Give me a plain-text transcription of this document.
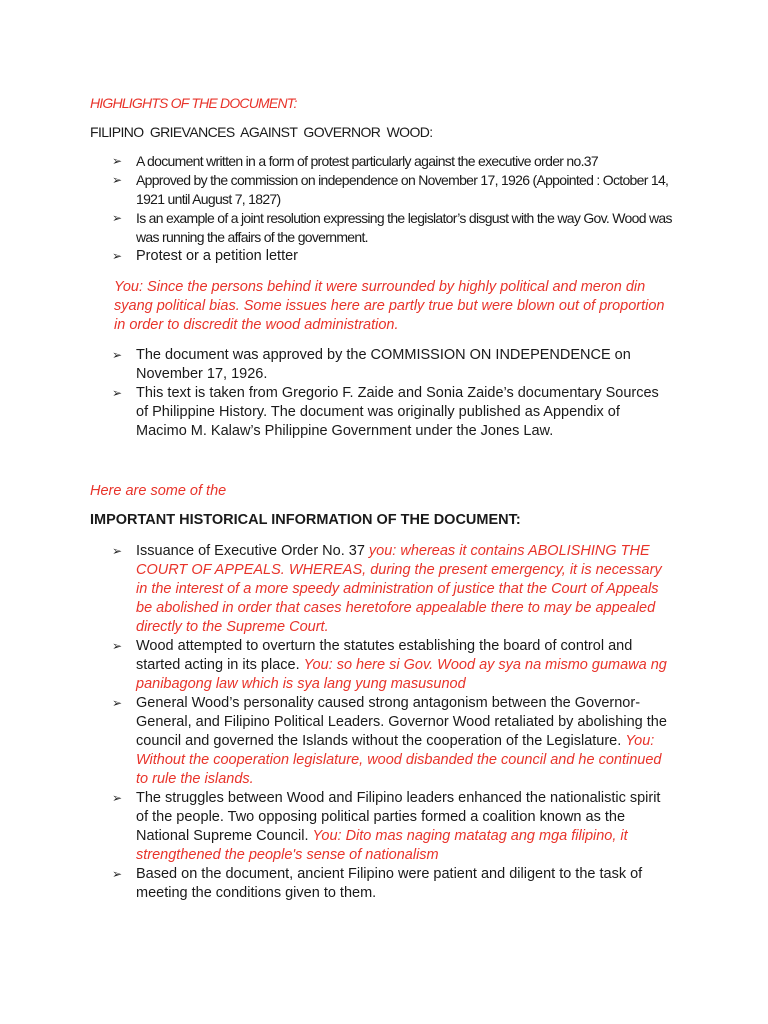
HIGHLIGHTS OF THE DOCUMENT:
FILIPINO GRIEVANCES AGAINST GOVERNOR WOOD:
➢ A document written in a form of protest particularly against the executive order no.37
➢ Approved by the commission on independence on November 17, 1926 (Appointed : October 14, 1921 until August 7, 1827)
➢ Is an example of a joint resolution expressing the legislator’s disgust with the way Gov. Wood was was running the affairs of the government.
➢ Protest or a petition letter
You: Since the persons behind it were surrounded by highly political and meron din syang political bias. Some issues here are partly true but were blown out of proportion in order to discredit the wood administration.
➢ The document was approved by the COMMISSION ON INDEPENDENCE on November 17, 1926.
➢ This text is taken from Gregorio F. Zaide and Sonia Zaide’s documentary Sources of Philippine History. The document was originally published as Appendix of Macimo M. Kalaw’s Philippine Government under the Jones Law.
Here are some of the
IMPORTANT HISTORICAL INFORMATION OF THE DOCUMENT:
➢ Issuance of Executive Order No. 37 you: whereas it contains ABOLISHING THE COURT OF APPEALS. WHEREAS, during the present emergency, it is necessary in the interest of a more speedy administration of justice that the Court of Appeals be abolished in order that cases heretofore appealable there to may be appealed directly to the Supreme Court.
➢ Wood attempted to overturn the statutes establishing the board of control and started acting in its place. You: so here si Gov. Wood ay sya na mismo gumawa ng panibagong law which is sya lang yung masusunod
➢ General Wood’s personality caused strong antagonism between the Governor-General, and Filipino Political Leaders. Governor Wood retaliated by abolishing the council and governed the Islands without the cooperation of the Legislature. You: Without the cooperation legislature, wood disbanded the council and he continued to rule the islands.
➢ The struggles between Wood and Filipino leaders enhanced the nationalistic spirit of the people. Two opposing political parties formed a coalition known as the National Supreme Council. You: Dito mas naging matatag ang mga filipino, it strengthened the people's sense of nationalism
➢ Based on the document, ancient Filipino were patient and diligent to the task of meeting the conditions given to them.
